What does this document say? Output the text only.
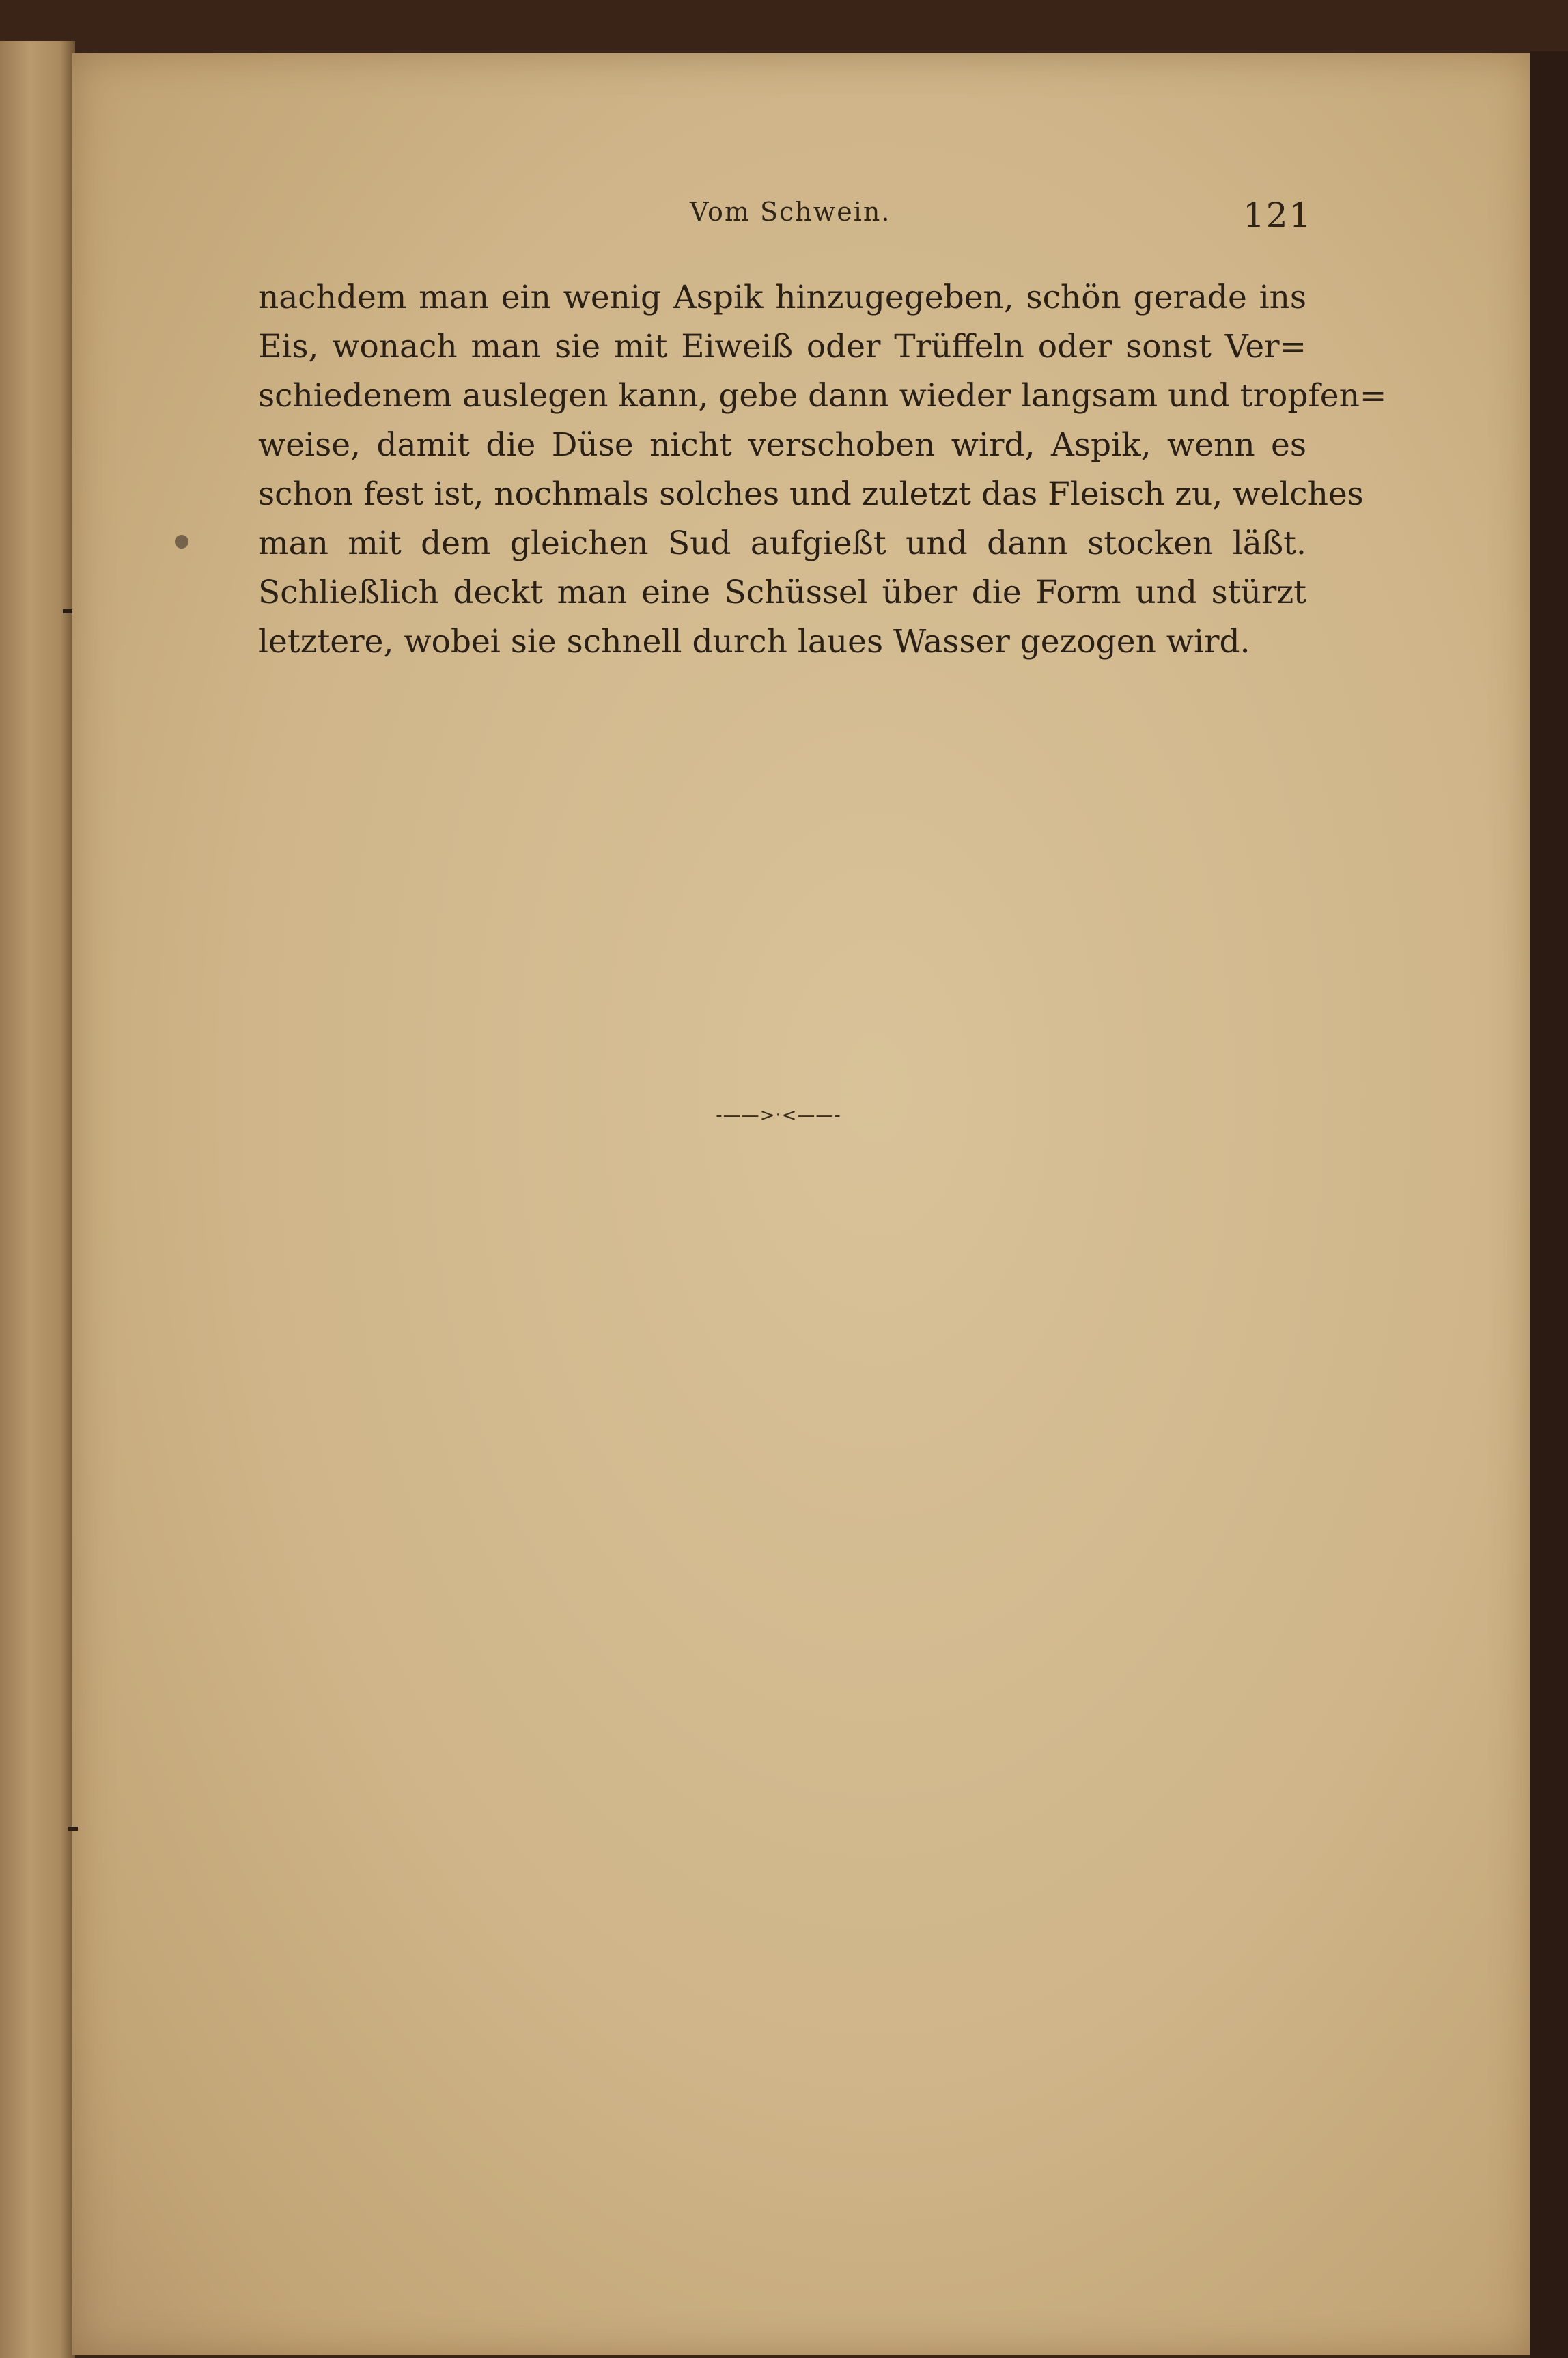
Vom Schwein.	121
nachdem man ein wenig Aspik hinzugegeben, schön gerade ins
Eis, wonach man sie mit Eiweiß oder Trüffeln oder sonst Ver=
schiedenem auslegen kann, gebe dann wieder langsam und tropfen=
weise, damit die Düse nicht verschoben wird, Aspik, wenn es
schon fest ist, nochmals solches und zuletzt das Fleisch zu, welches
man mit dem gleichen Sud aufgießt und dann stocken läßt.
Schließlich deckt man eine Schüssel über die Form und stürzt
letztere, wobei sie schnell durch laues Wasser gezogen wird.
-——>·<——-
